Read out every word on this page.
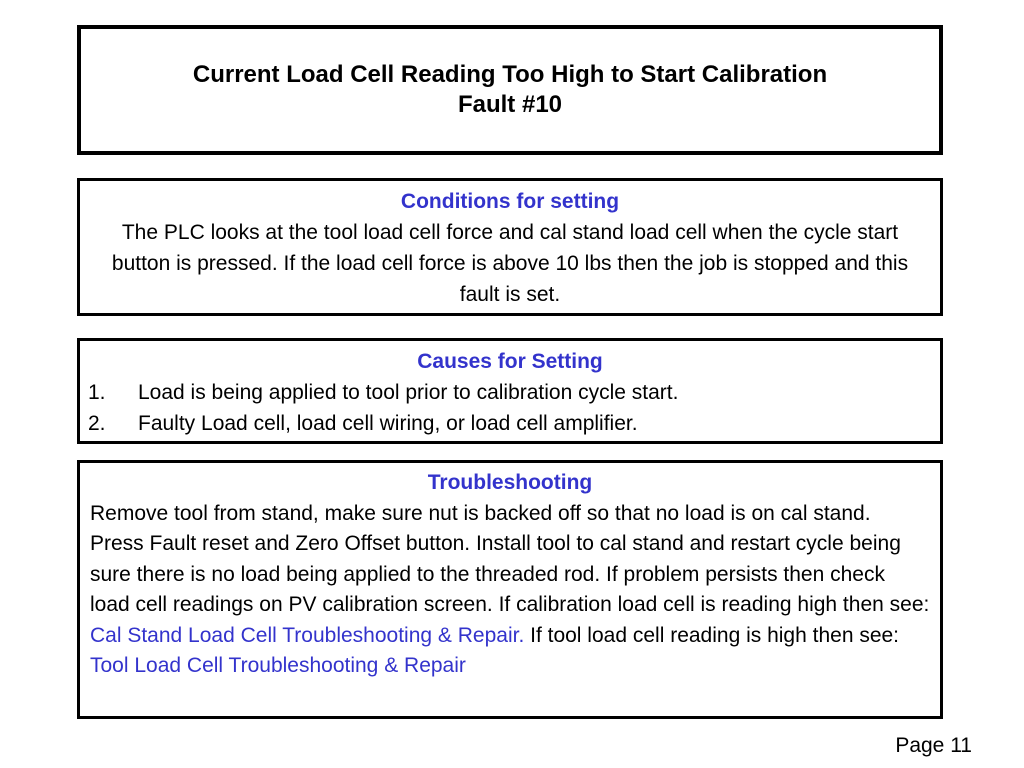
Current Load Cell Reading Too High to Start Calibration
Fault #10
Conditions for setting
The PLC looks at the tool load cell force and cal stand load cell when the cycle start button is pressed. If the load cell force is above 10 lbs then the job is stopped and this fault is set.
Causes for Setting
1.	Load is being applied to tool prior to calibration cycle start.
2.	Faulty Load cell, load cell wiring, or load cell amplifier.
Troubleshooting
Remove tool from stand, make sure nut is backed off so that no load is on cal stand. Press Fault reset and Zero Offset button. Install tool to cal stand and restart cycle being sure there is no load being applied to the threaded rod. If problem persists then check load cell readings on PV calibration screen. If calibration load cell is reading high then see: Cal Stand Load Cell Troubleshooting & Repair. If tool load cell reading is high then see: Tool Load Cell Troubleshooting & Repair
Page 11
